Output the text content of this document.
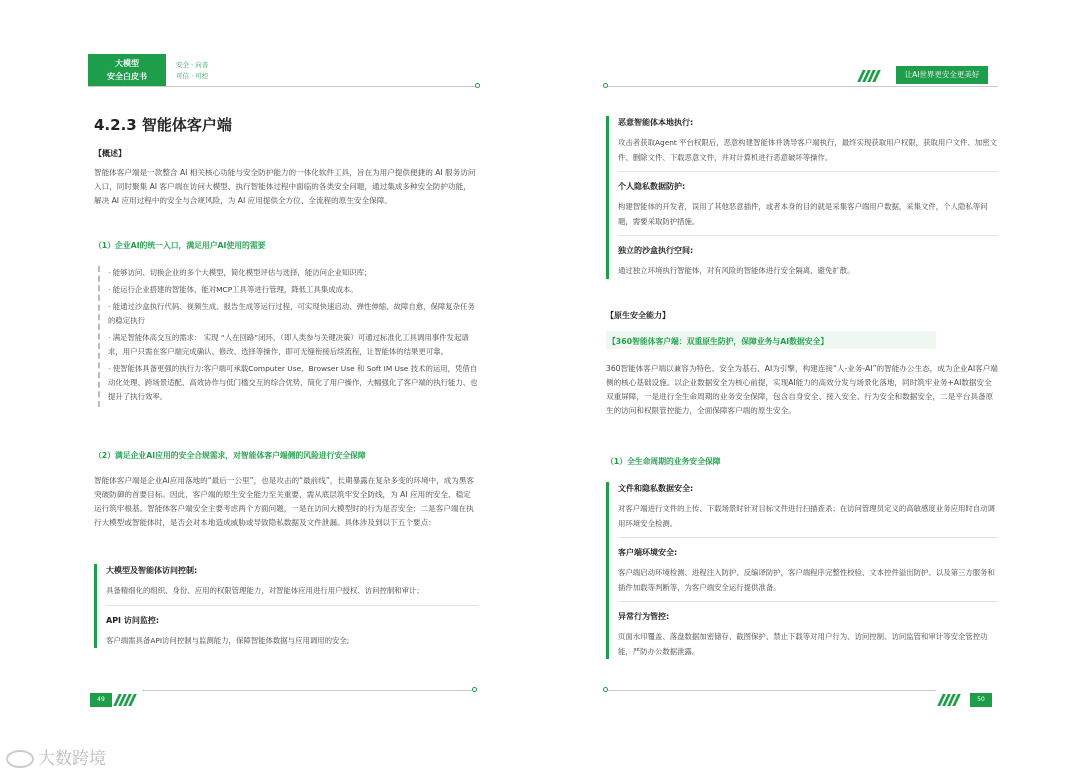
大模型
安全白皮书
安全 · 向善
可信 · 可控
4.2.3 智能体客户端
【概述】

智能体客户端是一款整合 AI 相关核心功能与安全防护能力的一体化软件工具，旨在为用户提供便捷的 AI 服务访问入口，同时聚集 AI 客户端在访问大模型、执行智能体过程中面临的各类安全问题，通过集成多种安全防护功能，解决 AI 应用过程中的安全与合规风险，为 AI 应用提供全方位、全流程的原生安全保障。

（1）企业AI的统一入口，满足用户AI使用的需要
· 能够访问、切换企业的多个大模型，简化模型评估与选择，能访问企业知识库；
· 能运行企业搭建的智能体，能对MCP工具等进行管理，降低工具集成成本。
· 能通过沙盒执行代码、视频生成、报告生成等运行过程，可实现快速启动、弹性伸缩、故障自愈，保障复杂任务的稳定执行
· 满足智能体高交互的需求： 实现 “人在回路”闭环，（即人类参与关键决策）可通过标准化工具调用事件发起请求，用户只需在客户端完成确认、修改、选择等操作，即可无缝衔接后续流程，让智能体的结果更可靠。
· 使智能体具备更强的执行力:客户端可承载Computer Use、Browser Use 和 Soft IM Use 技术的运用，凭借自动化处理、跨场景适配、高效协作与低门槛交互的综合优势，简化了用户操作，大幅强化了客户端的执行能力、也提升了执行效率。
（2）满足企业AI应用的安全合规需求，对智能体客户端侧的风险进行安全保障

智能体客户端是企业AI应用落地的“最后一公里”，也是攻击的“最前线”，长期暴露在复杂多变的环境中，成为黑客突破防御的首要目标。因此，客户端的原生安全能力至关重要，需从底层筑牢安全防线，为 AI 应用的安全、稳定运行筑牢根基。智能体客户端安全主要考虑两个方面问题，一是在访问大模型时的行为是否安全；二是客户端在执行大模型或智能体时，是否会对本地造成威胁或导致隐私数据及文件泄漏。具体涉及到以下五个要点：

大模型及智能体访问控制:
具备精细化的组织、身份、应用的权限管理能力，对智能体应用进行用户授权、访问控制和审计；
API 访问监控:
客户端需具备API访问控制与监测能力，保障智能体数据与应用调用的安全;
49
让AI世界更安全更美好
恶意智能体本地执行:
攻击者获取Agent 平台权限后，恶意构建智能体并诱导客户端执行，最终实现获取用户权限，获取用户文件、加密文件、删除文件、下载恶意文件，并对计算机进行恶意破坏等操作。
个人隐私数据防护:
构建智能体的开发者，误用了其他恶意插件，或者本身的目的就是采集客户端用户数据，采集文件，个人隐私等问题，需要采取防护措施。
独立的沙盒执行空间:
通过独立环境执行智能体，对有风险的智能体进行安全隔离，避免扩散。
【原生安全能力】
【360智能体客户端：双重原生防护，保障业务与AI数据安全】

360智能体客户端以兼容为特色、安全为基石、AI为引擎，构建连接“人-业务-AI”的智能办公生态，成为企业AI客户端侧的核心基础设施。以企业数据安全为核心前提，实现AI能力的高效分发与场景化落地，同时筑牢业务+AI数据安全双重屏障，一是进行全生命周期的业务安全保障，包含自身安全、接入安全、行为安全和数据安全，二是平台具备原生的访问和权限管控能力，全面保障客户端的原生安全。

（1）全生命周期的业务安全保障
文件和隐私数据安全:
对客户端进行文件的上传、下载场景时针对目标文件进行扫描查杀；在访问管理员定义的高敏感度业务应用时自动调用环境安全检测。
客户端环境安全:
客户端启动环境检测、进程注入防护、反编译防护，客户端程序完整性校验、文本控件溢出防护、以及第三方服务和插件加载等判断等，为客户端安全运行提供准备。
异常行为管控:
页面水印覆盖、落盘数据加密储存、截图保护、禁止下载等对用户行为、访问控制、访问监管和审计等安全管控功能，严防办公数据泄露。
50
大数跨境
